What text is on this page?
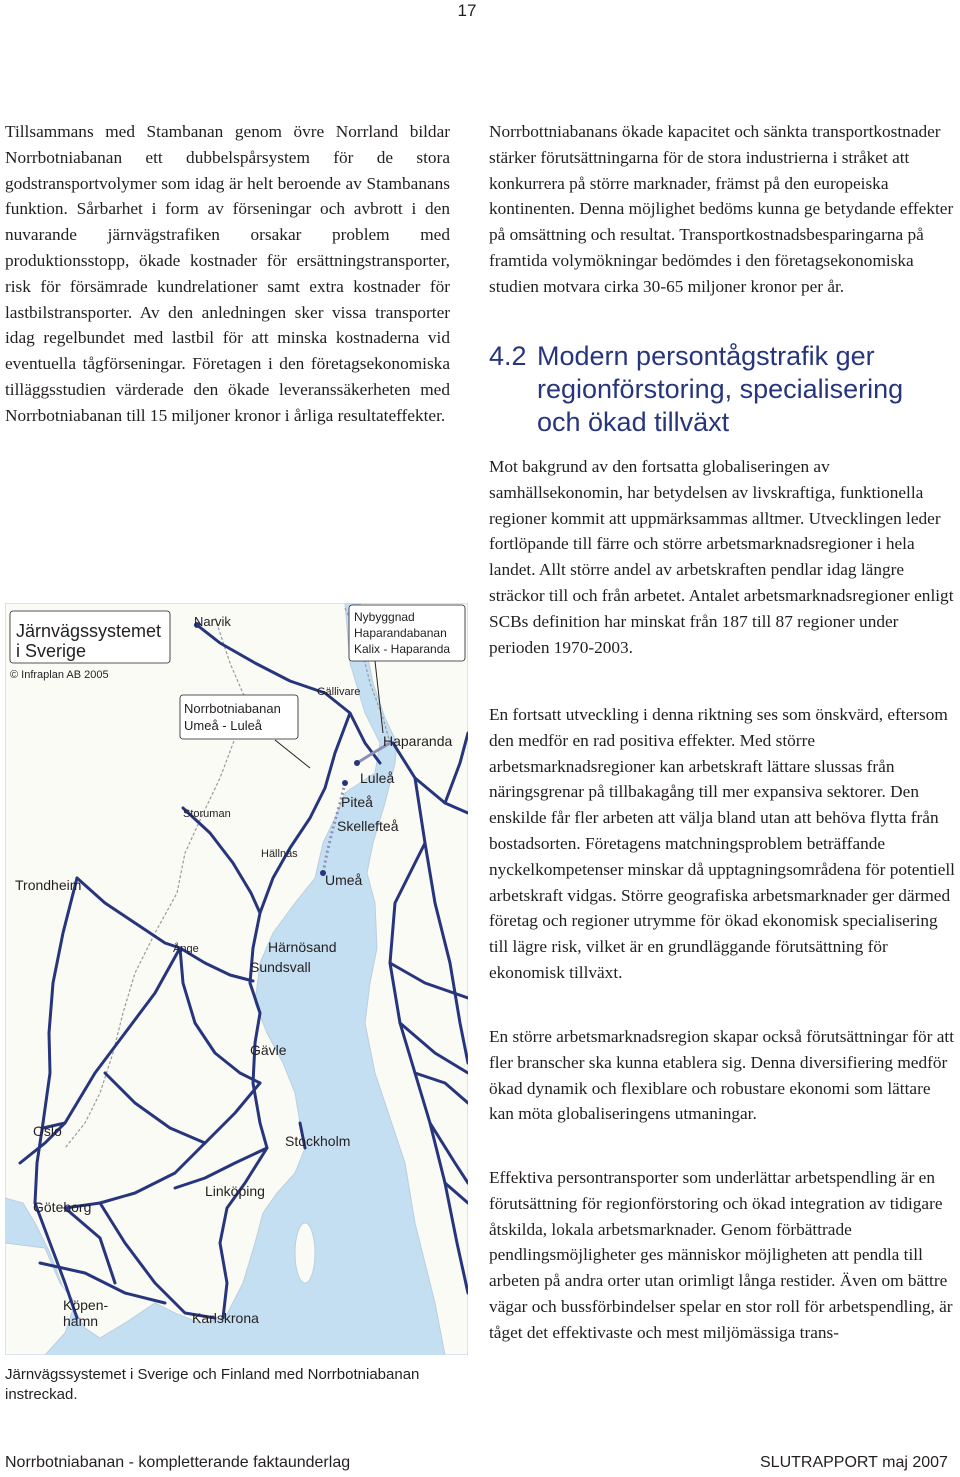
17

Tillsammans med Stambanan genom övre Norrland bildar Norrbotniabanan ett dubbelspårsystem för de stora godstransportvolymer som idag är helt beroende av Stambanans funktion. Sårbarhet i form av förseningar och avbrott i den nuvarande järnvägstrafiken orsakar problem med produktionsstopp, ökade kostnader för ersättningstransporter, risk för försämrade kundrelationer samt extra kostnader för lastbilstransporter. Av den anledningen sker vissa transporter idag regelbundet med lastbil för att minska kostnaderna vid eventuella tågförseningar. Företagen i den företagsekonomiska tilläggsstudien värderade den ökade leveranssäkerheten med Norrbotniabanan till 15 miljoner kronor i årliga resultateffekter.

Järnvägssystemet
i Sverige
© Infraplan AB 2005
Nybyggnad
Haparandabanan
Kalix - Haparanda
Norrbotniabanan
Umeå - Luleå
Narvik
Gällivare
Haparanda
Luleå
Piteå
Skellefteå
Storuman
Hällnäs
Umeå
Trondheim
Ånge	Härnösand
Sundsvall
Gävle
Oslo
Stockholm
Linköping
Göteborg
Köpen-
hamn	Karlskrona

Järnvägssystemet i Sverige och Finland med Norrbotniabanan instreckad.

Norrbottniabanans ökade kapacitet och sänkta transportkostnader stärker förutsättningarna för de stora industrierna i stråket att konkurrera på större marknader, främst på den europeiska kontinenten. Denna möjlighet bedöms kunna ge betydande effekter på omsättning och resultat. Transportkostnadsbesparingarna på framtida volymökningar bedömdes i den företagsekonomiska studien motvara cirka 30-65 miljoner kronor per år.

4.2 Modern persontågstrafik ger regionförstoring, specialisering och ökad tillväxt

Mot bakgrund av den fortsatta globaliseringen av samhällsekonomin, har betydelsen av livskraftiga, funktionella regioner kommit att uppmärksammas alltmer. Utvecklingen leder fortlöpande till färre och större arbetsmarknadsregioner i hela landet. Allt större andel av arbetskraften pendlar idag längre sträckor till och från arbetet. Antalet arbetsmarknadsregioner enligt SCBs definition har minskat från 187 till 87 regioner under perioden 1970-2003.

En fortsatt utveckling i denna riktning ses som önskvärd, eftersom den medför en rad positiva effekter. Med större arbetsmarknadsregioner kan arbetskraft lättare slussas från näringsgrenar på tillbakagång till mer expansiva sektorer. Den enskilde får fler arbeten att välja bland utan att behöva flytta från bostadsorten. Företagens matchningsproblem beträffande nyckelkompetenser minskar då upptagningsområdena för potentiell arbetskraft vidgas. Större geografiska arbetsmarknader ger därmed företag och regioner utrymme för ökad ekonomisk specialisering till lägre risk, vilket är en grundläggande förutsättning för ekonomisk tillväxt.

En större arbetsmarknadsregion skapar också förutsättningar för att fler branscher ska kunna etablera sig. Denna diversifiering medför ökad dynamik och flexiblare och robustare ekonomi som lättare kan möta globaliseringens utmaningar.

Effektiva persontransporter som underlättar arbetspendling är en förutsättning för regionförstoring och ökad integration av tidigare åtskilda, lokala arbetsmarknader. Genom förbättrade pendlingsmöjligheter ges människor möjligheten att pendla till arbeten på andra orter utan orimligt långa restider. Även om bättre vägar och bussförbindelser spelar en stor roll för arbetspendling, är tåget det effektivaste och mest miljömässiga trans-

Norrbotniabanan - kompletterande faktaunderlag	SLUTRAPPORT maj 2007
